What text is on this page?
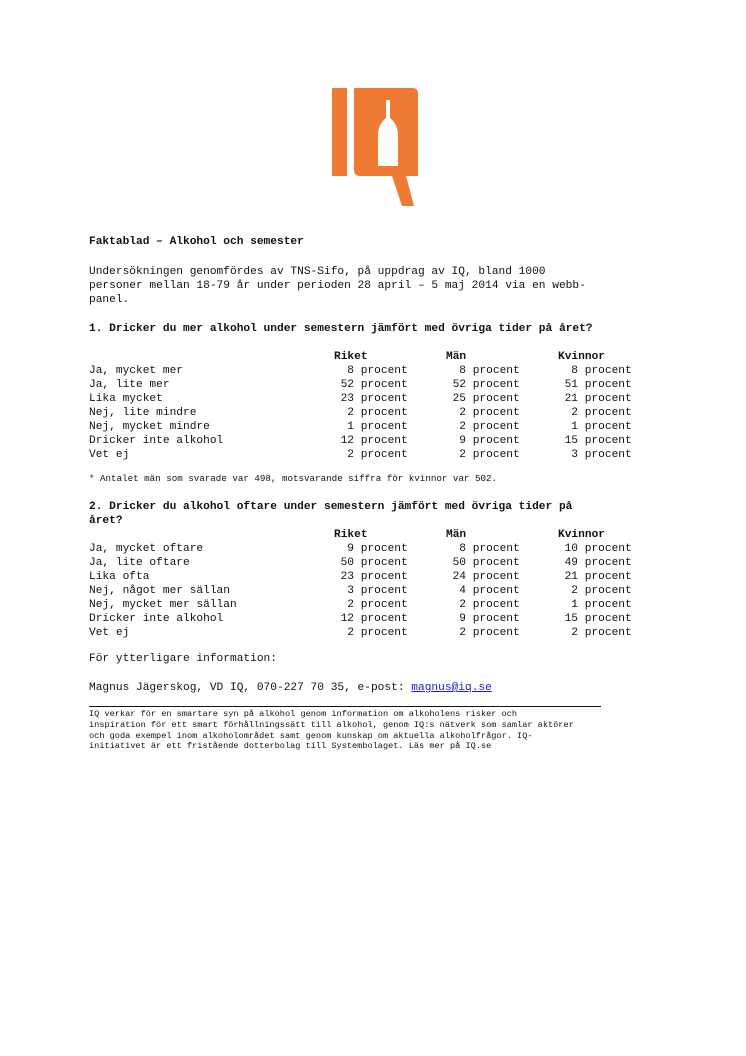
Faktablad – Alkohol och semester
Undersökningen genomfördes av TNS-Sifo, på uppdrag av IQ, bland 1000
personer mellan 18-79 år under perioden 28 april – 5 maj 2014 via en webb-
panel.
1. Dricker du mer alkohol under semestern jämfört med övriga tider på året?
Riket	Män	Kvinnor
Ja, mycket mer	8 procent	8 procent	8 procent
Ja, lite mer	52 procent	52 procent	51 procent
Lika mycket	23 procent	25 procent	21 procent
Nej, lite mindre	2 procent	2 procent	2 procent
Nej, mycket mindre	1 procent	2 procent	1 procent
Dricker inte alkohol	12 procent	9 procent	15 procent
Vet ej	2 procent	2 procent	3 procent
* Antalet män som svarade var 498, motsvarande siffra för kvinnor var 502.
2. Dricker du alkohol oftare under semestern jämfört med övriga tider på
året?
Riket	Män	Kvinnor
Ja, mycket oftare	9 procent	8 procent	10 procent
Ja, lite oftare	50 procent	50 procent	49 procent
Lika ofta	23 procent	24 procent	21 procent
Nej, något mer sällan	3 procent	4 procent	2 procent
Nej, mycket mer sällan	2 procent	2 procent	1 procent
Dricker inte alkohol	12 procent	9 procent	15 procent
Vet ej	2 procent	2 procent	2 procent
För ytterligare information:
Magnus Jägerskog, VD IQ, 070-227 70 35, e-post: magnus@iq.se
IQ verkar för en smartare syn på alkohol genom information om alkoholens risker och
inspiration för ett smart förhållningssätt till alkohol, genom IQ:s nätverk som samlar aktörer
och goda exempel inom alkoholområdet samt genom kunskap om aktuella alkoholfrågor. IQ-
initiativet är ett fristående dotterbolag till Systembolaget. Läs mer på IQ.se
